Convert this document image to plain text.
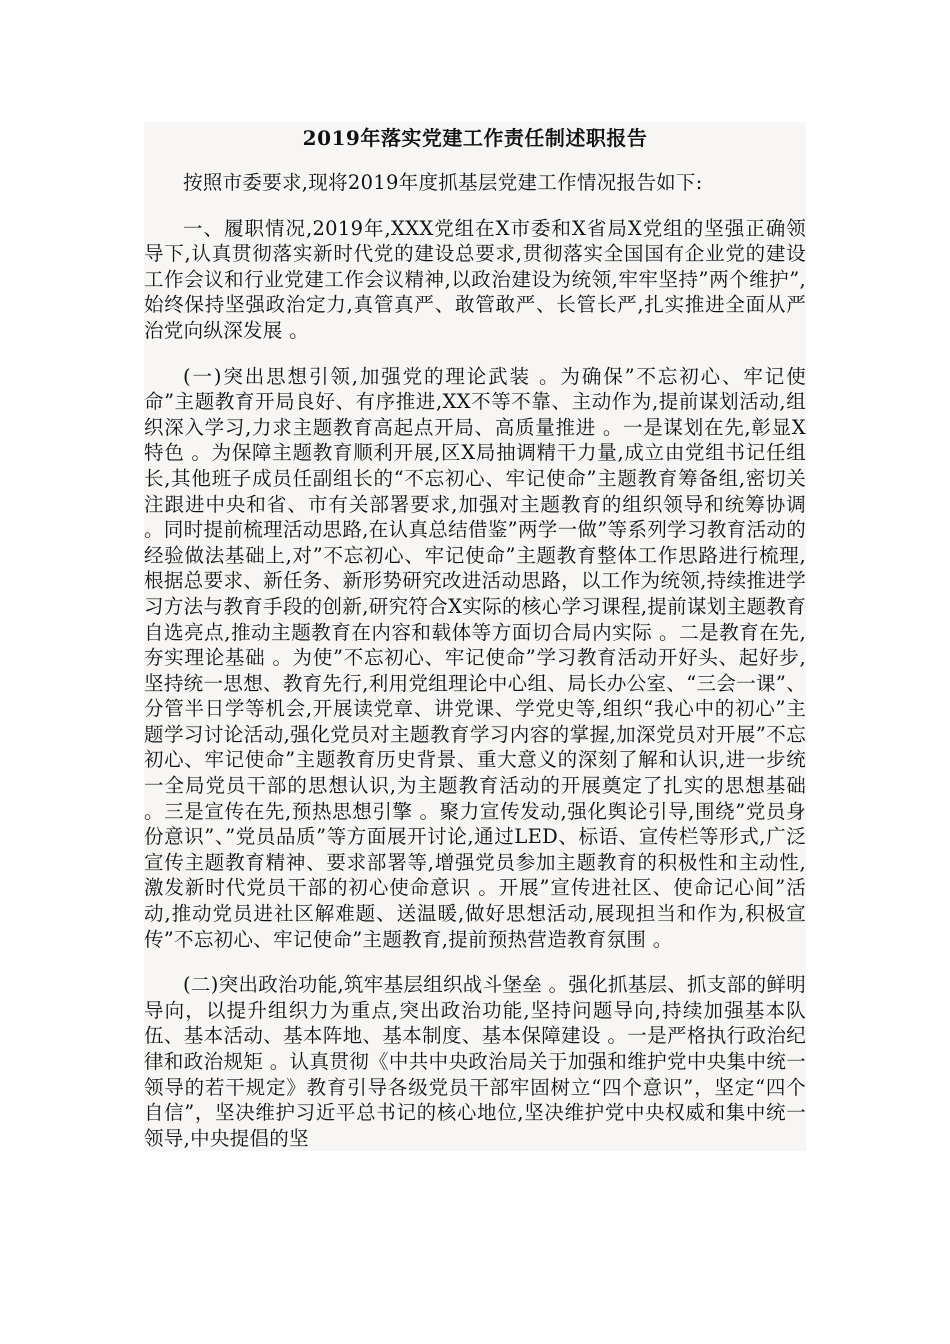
2019年落实党建工作责任制述职报告

按照市委要求,现将2019年度抓基层党建工作情况报告如下:

一、履职情况,2019年,XXX党组在X市委和X省局X党组的坚强正确领导下,认真贯彻落实新时代党的建设总要求,贯彻落实全国国有企业党的建设工作会议和行业党建工作会议精神,以政治建设为统领,牢牢坚持”两个维护”,始终保持坚强政治定力,真管真严、敢管敢严、长管长严,扎实推进全面从严治党向纵深发展 。

(一)突出思想引领,加强党的理论武装 。为确保”不忘初心、牢记使命”主题教育开局良好、有序推进,XX不等不靠、主动作为,提前谋划活动,组织深入学习,力求主题教育高起点开局、高质量推进 。一是谋划在先,彰显X特色 。为保障主题教育顺利开展,区X局抽调精干力量,成立由党组书记任组长,其他班子成员任副组长的“不忘初心、牢记使命”主题教育筹备组,密切关注跟进中央和省、市有关部署要求,加强对主题教育的组织领导和统筹协调 。同时提前梳理活动思路,在认真总结借鉴”两学一做”等系列学习教育活动的经验做法基础上,对”不忘初心、牢记使命”主题教育整体工作思路进行梳理,根据总要求、新任务、新形势研究改进活动思路，以工作为统领,持续推进学习方法与教育手段的创新,研究符合X实际的核心学习课程,提前谋划主题教育自选亮点,推动主题教育在内容和载体等方面切合局内实际 。二是教育在先,夯实理论基础 。为使”不忘初心、牢记使命”学习教育活动开好头、起好步,坚持统一思想、教育先行,利用党组理论中心组、局长办公室、“三会一课”、分管半日学等机会,开展读党章、讲党课、学党史等,组织“我心中的初心”主题学习讨论活动,强化党员对主题教育学习内容的掌握,加深党员对开展”不忘初心、牢记使命”主题教育历史背景、重大意义的深刻了解和认识,进一步统一全局党员干部的思想认识,为主题教育活动的开展奠定了扎实的思想基础 。三是宣传在先,预热思想引擎 。聚力宣传发动,强化舆论引导,围绕”党员身份意识”、”党员品质”等方面展开讨论,通过LED、标语、宣传栏等形式,广泛宣传主题教育精神、要求部署等,增强党员参加主题教育的积极性和主动性,激发新时代党员干部的初心使命意识 。开展”宣传进社区、使命记心间”活动,推动党员进社区解难题、送温暖,做好思想活动,展现担当和作为,积极宣传”不忘初心、牢记使命”主题教育,提前预热营造教育氛围 。

(二)突出政治功能,筑牢基层组织战斗堡垒 。强化抓基层、抓支部的鲜明导向，以提升组织力为重点,突出政治功能,坚持问题导向,持续加强基本队伍、基本活动、基本阵地、基本制度、基本保障建设 。一是严格执行政治纪律和政治规矩 。认真贯彻《中共中央政治局关于加强和维护党中央集中统一领导的若干规定》教育引导各级党员干部牢固树立“四个意识”，坚定“四个自信”，坚决维护习近平总书记的核心地位,坚决维护党中央权威和集中统一领导,中央提倡的坚
